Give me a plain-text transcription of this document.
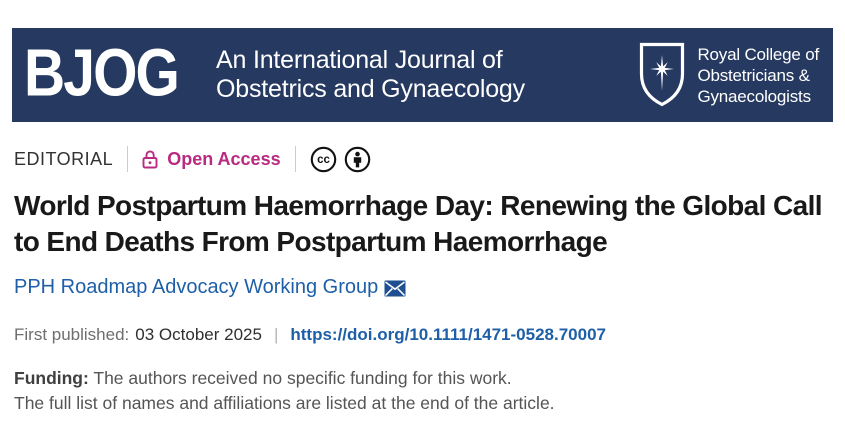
BJOG An International Journal of
Obstetrics and Gynaecology
Royal College of
Obstetricians &
Gynaecologists
EDITORIAL	Open Access	cc
World Postpartum Haemorrhage Day: Renewing the Global Call to End Deaths From Postpartum Haemorrhage
PPH Roadmap Advocacy Working Group
First published: 03 October 2025 | https://doi.org/10.1111/1471-0528.70007
Funding: The authors received no specific funding for this work.
The full list of names and affiliations are listed at the end of the article.
